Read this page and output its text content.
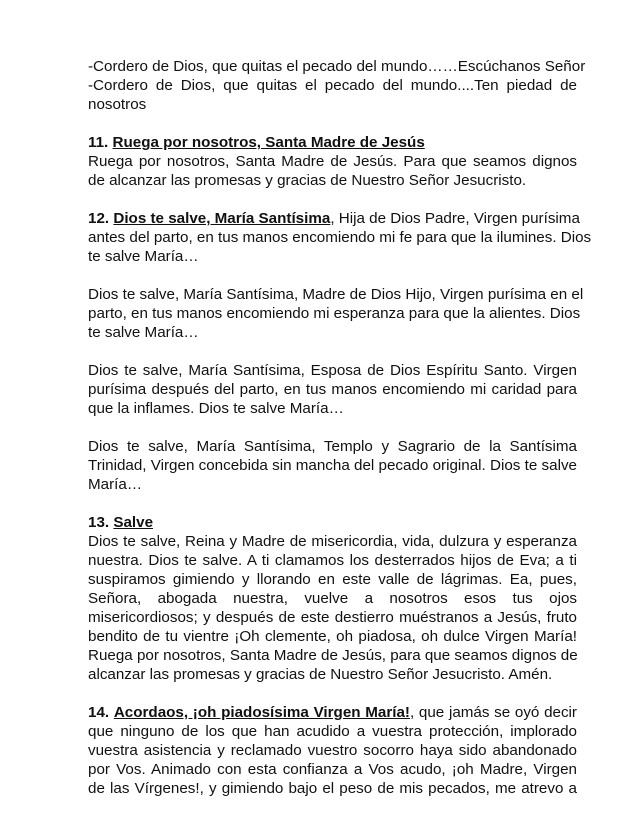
-Cordero de Dios, que quitas el pecado del mundo……Escúchanos Señor
-Cordero de Dios, que quitas el pecado del mundo....Ten piedad de
nosotros
11. Ruega por nosotros, Santa Madre de Jesús
Ruega por nosotros, Santa Madre de Jesús. Para que seamos dignos
de alcanzar las promesas y gracias de Nuestro Señor Jesucristo.
12. Dios te salve, María Santísima, Hija de Dios Padre, Virgen purísima
antes del parto, en tus manos encomiendo mi fe para que la ilumines. Dios
te salve María…
Dios te salve, María Santísima, Madre de Dios Hijo, Virgen purísima en el
parto, en tus manos encomiendo mi esperanza para que la alientes. Dios
te salve María…
Dios te salve, María Santísima, Esposa de Dios Espíritu Santo. Virgen
purísima después del parto, en tus manos encomiendo mi caridad para
que la inflames. Dios te salve María…
Dios te salve, María Santísima, Templo y Sagrario de la Santísima
Trinidad, Virgen concebida sin mancha del pecado original. Dios te salve
María…
13. Salve
Dios te salve, Reina y Madre de misericordia, vida, dulzura y esperanza
nuestra. Dios te salve. A ti clamamos los desterrados hijos de Eva; a ti
suspiramos gimiendo y llorando en este valle de lágrimas. Ea, pues,
Señora, abogada nuestra, vuelve a nosotros esos tus ojos
misericordiosos; y después de este destierro muéstranos a Jesús, fruto
bendito de tu vientre ¡Oh clemente, oh piadosa, oh dulce Virgen María!
Ruega por nosotros, Santa Madre de Jesús, para que seamos dignos de
alcanzar las promesas y gracias de Nuestro Señor Jesucristo. Amén.
14. Acordaos, ¡oh piadosísima Virgen María!, que jamás se oyó decir
que ninguno de los que han acudido a vuestra protección, implorado
vuestra asistencia y reclamado vuestro socorro haya sido abandonado
por Vos. Animado con esta confianza a Vos acudo, ¡oh Madre, Virgen
de las Vírgenes!, y gimiendo bajo el peso de mis pecados, me atrevo a
